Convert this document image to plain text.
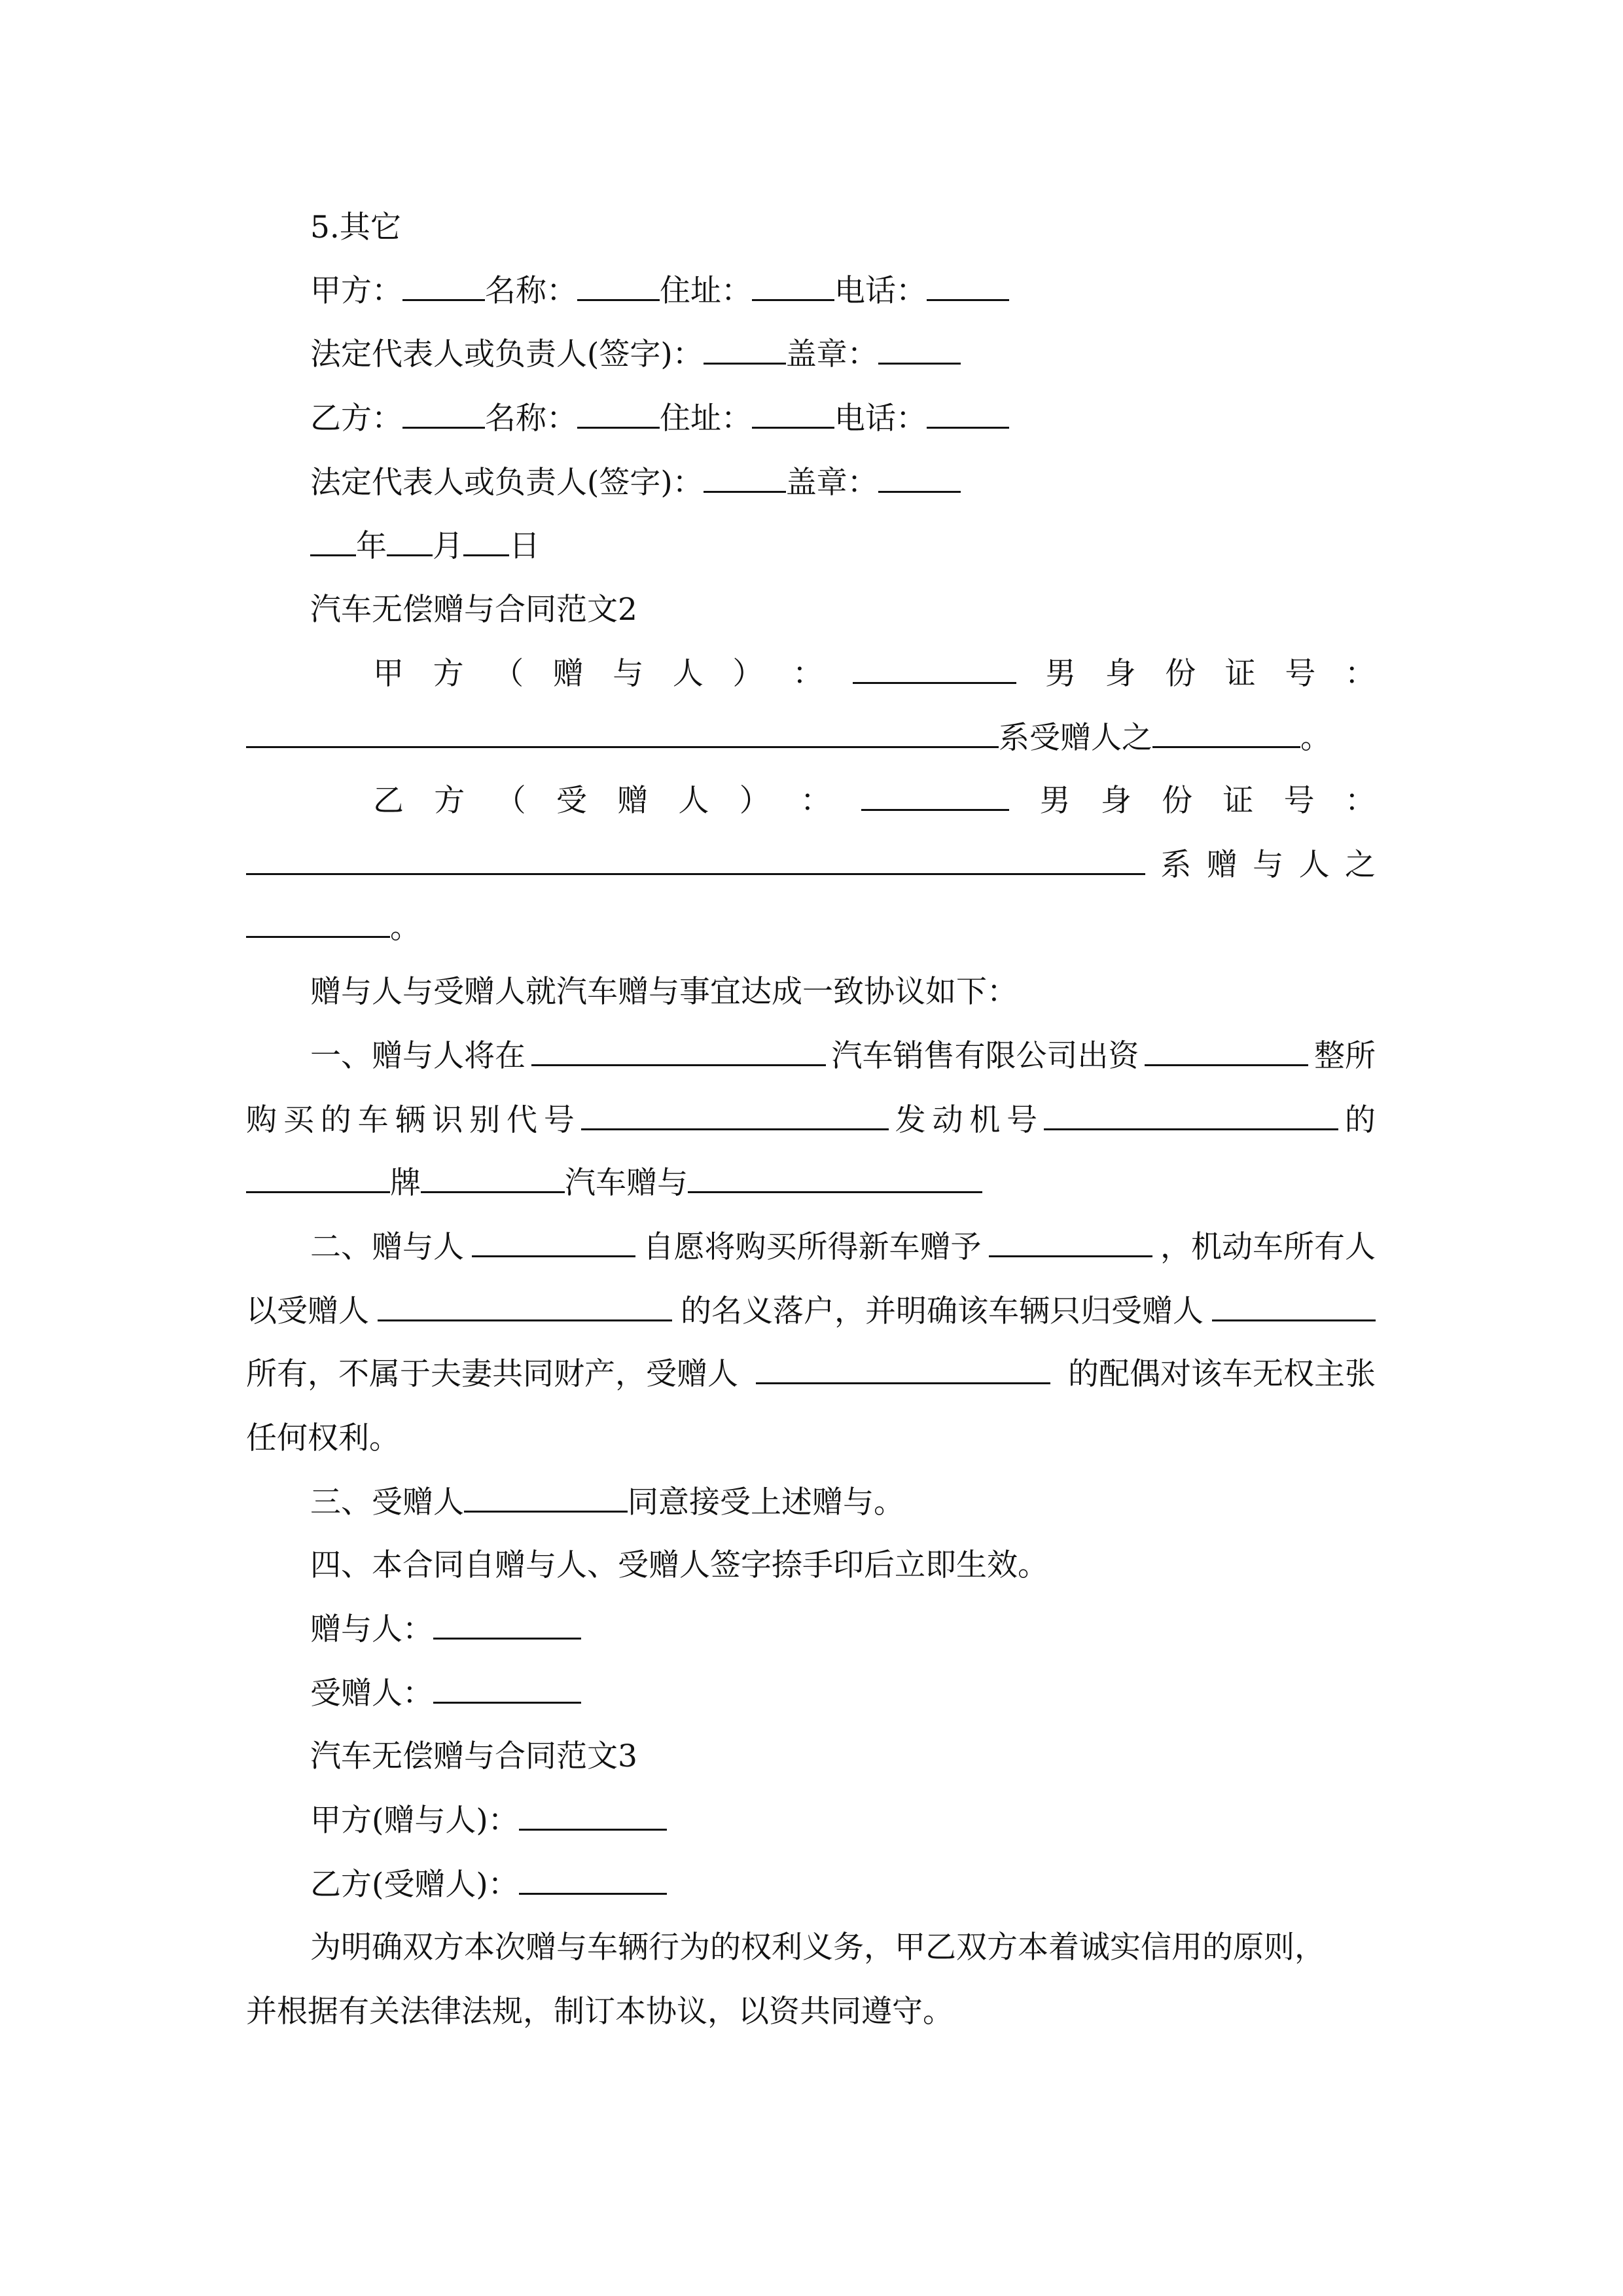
5.其它
甲方：	名称：	住址：	电话：
法定代表人或负责人(签字)：	盖章：
乙方：	名称：	住址：	电话：
法定代表人或负责人(签字)：	盖章：
年 月 日
汽车无偿赠与合同范文2
甲 方 （ 赠 与 人 ） ：	男 身 份 证 号 ：
系受赠人之	。
乙 方 （ 受 赠 人 ） ：	男 身 份 证 号 ：
系 赠 与 人 之
。
赠与人与受赠人就汽车赠与事宜达成一致协议如下：
一、赠与人将在	汽车销售有限公司出资	整所
购 买 的 车 辆 识 别 代 号	发 动 机 号	的
牌	汽车赠与
二、赠与人	自愿将购买所得新车赠予	，机动车所有人
以受赠人	的名义落户，并明确该车辆只归受赠人
所有，不属于夫妻共同财产，受赠人	的配偶对该车无权主张
任何权利。
三、受赠人	同意接受上述赠与。
四、本合同自赠与人、受赠人签字捺手印后立即生效。
赠与人：
受赠人：
汽车无偿赠与合同范文3
甲方(赠与人)：
乙方(受赠人)：
为明确双方本次赠与车辆行为的权利义务，甲乙双方本着诚实信用的原则，
并根据有关法律法规，制订本协议，以资共同遵守。
